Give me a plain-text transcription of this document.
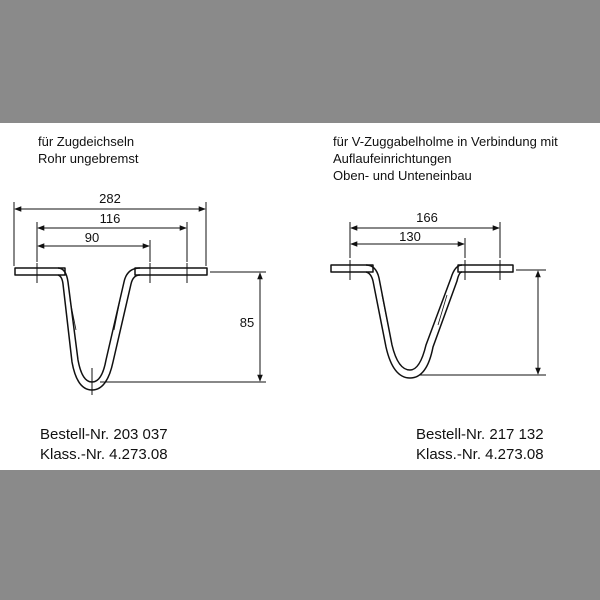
für Zugdeichseln
Rohr ungebremst
für V-Zuggabelholme in Verbindung mit
Auflaufeinrichtungen
Oben- und Unteneinbau
282
116
90
85
166
130
Bestell-Nr. 203 037
Klass.-Nr. 4.273.08
Bestell-Nr. 217 132
Klass.-Nr. 4.273.08
